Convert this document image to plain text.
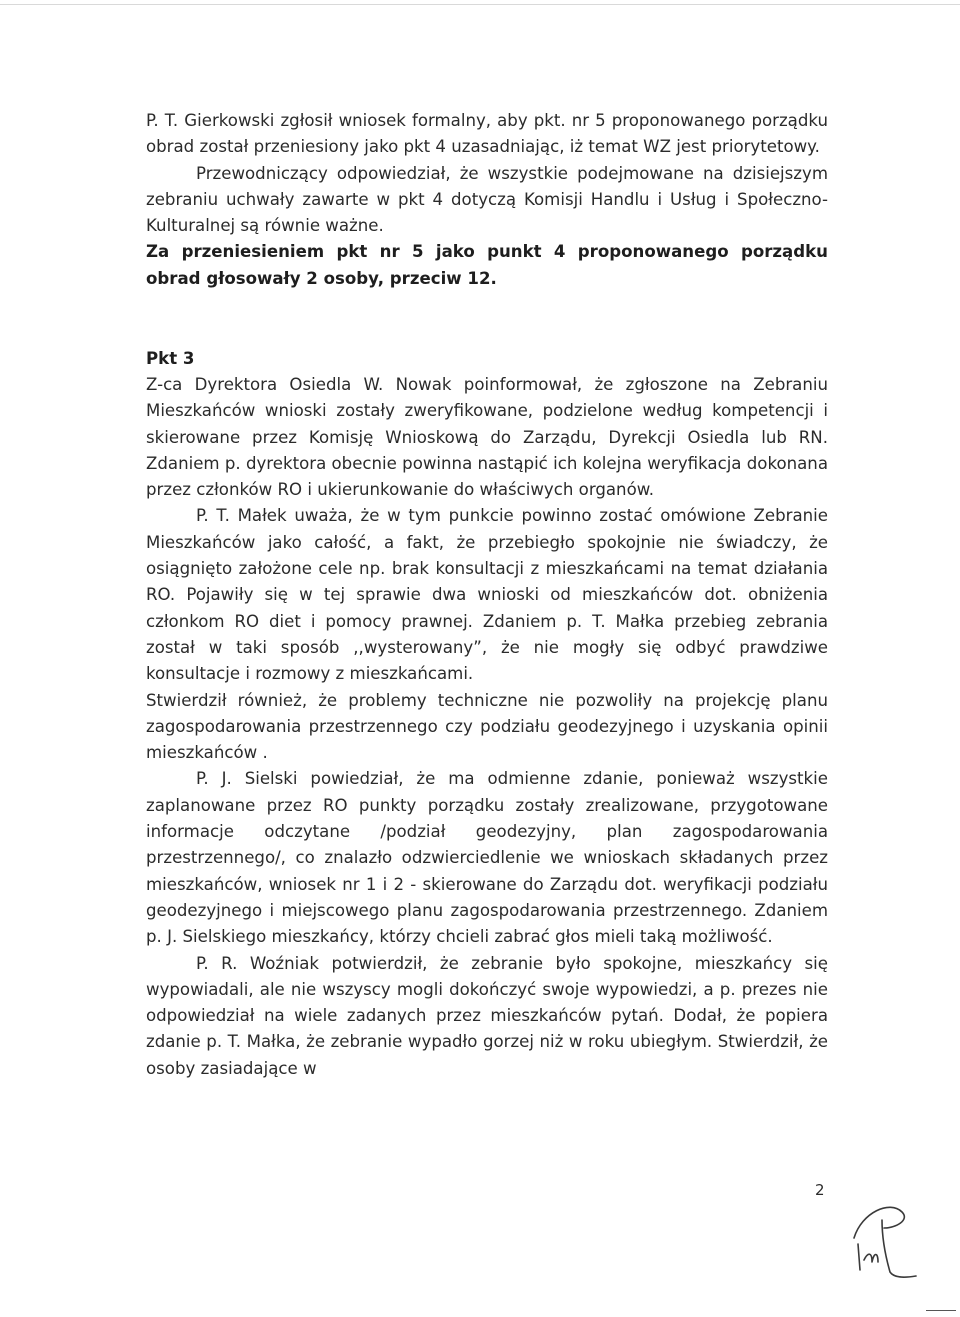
P. T. Gierkowski zgłosił wniosek formalny, aby pkt. nr 5 proponowanego porządku obrad został przeniesiony jako pkt 4 uzasadniając, iż temat WZ jest priorytetowy.

Przewodniczący odpowiedział, że wszystkie podejmowane na dzisiejszym zebraniu uchwały zawarte w pkt 4 dotyczą Komisji Handlu i Usług i Społeczno-Kulturalnej są równie ważne.

Za przeniesieniem pkt nr 5 jako punkt 4 proponowanego porządku obrad głosowały 2 osoby, przeciw 12.

Pkt 3

Z-ca Dyrektora Osiedla W. Nowak poinformował, że zgłoszone na Zebraniu Mieszkańców wnioski zostały zweryfikowane, podzielone według kompetencji i skierowane przez Komisję Wnioskową do Zarządu, Dyrekcji Osiedla lub RN. Zdaniem p. dyrektora obecnie powinna nastąpić ich kolejna weryfikacja dokonana przez członków RO i ukierunkowanie do właściwych organów.

P. T. Małek uważa, że w tym punkcie powinno zostać omówione Zebranie Mieszkańców jako całość, a fakt, że przebiegło spokojnie nie świadczy, że osiągnięto założone cele np. brak konsultacji z mieszkańcami na temat działania RO. Pojawiły się w tej sprawie dwa wnioski od mieszkańców dot. obniżenia członkom RO diet i pomocy prawnej. Zdaniem p. T. Małka przebieg zebrania został w taki sposób ,,wysterowany”, że nie mogły się odbyć prawdziwe konsultacje i rozmowy z mieszkańcami.

Stwierdził również, że problemy techniczne nie pozwoliły na projekcję planu zagospodarowania przestrzennego czy podziału geodezyjnego i uzyskania opinii mieszkańców .

P. J. Sielski powiedział, że ma odmienne zdanie, ponieważ wszystkie zaplanowane przez RO punkty porządku zostały zrealizowane, przygotowane informacje odczytane /podział geodezyjny, plan zagospodarowania przestrzennego/, co znalazło odzwierciedlenie we wnioskach składanych przez mieszkańców, wniosek nr 1 i 2 - skierowane do Zarządu dot. weryfikacji podziału geodezyjnego i miejscowego planu zagospodarowania przestrzennego. Zdaniem p. J. Sielskiego mieszkańcy, którzy chcieli zabrać głos mieli taką możliwość.

P. R. Woźniak potwierdził, że zebranie było spokojne, mieszkańcy się wypowiadali, ale nie wszyscy mogli dokończyć swoje wypowiedzi, a p. prezes nie odpowiedział na wiele zadanych przez mieszkańców pytań. Dodał, że popiera zdanie p. T. Małka, że zebranie wypadło gorzej niż w roku ubiegłym. Stwierdził, że osoby zasiadające w

2
